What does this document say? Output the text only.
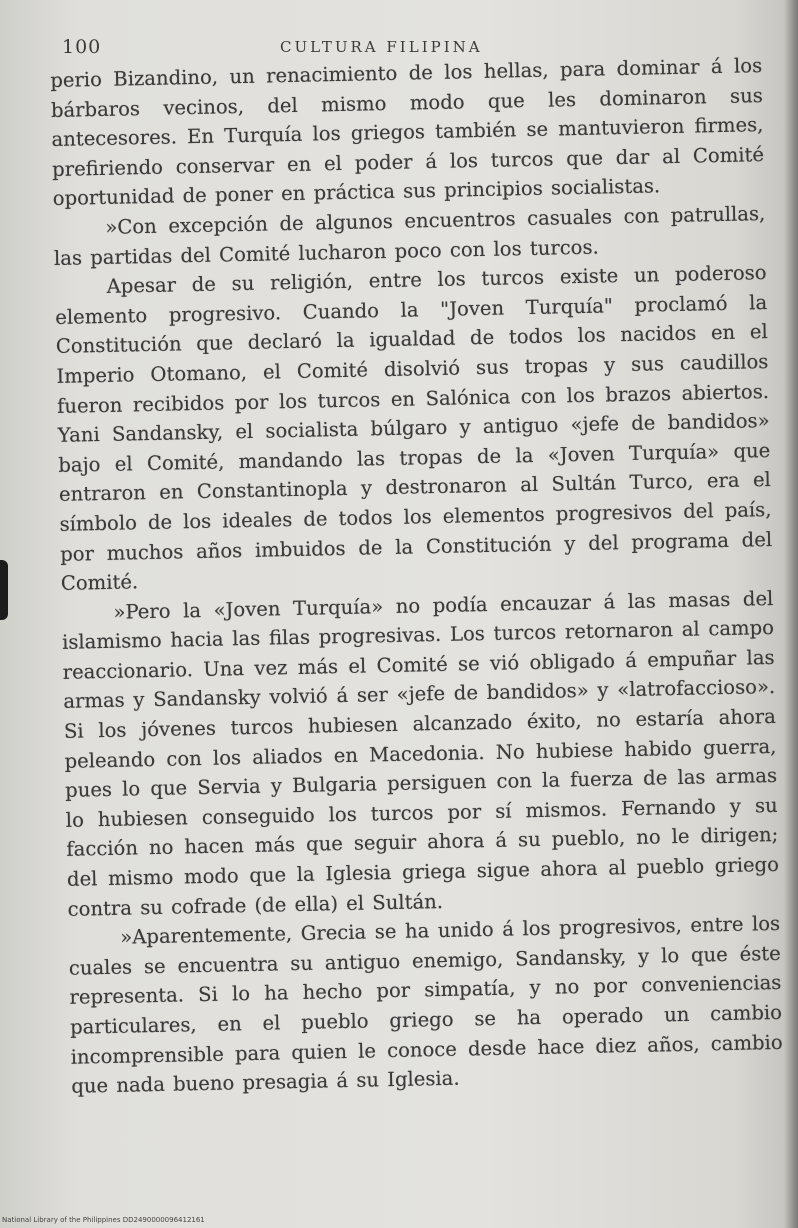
100	CULTURA FILIPINA

perio Bizandino, un renacimiento de los hellas, para dominar á los bárbaros vecinos, del mismo modo que les dominaron sus antecesores. En Turquía los griegos también se mantuvieron firmes, prefiriendo conservar en el poder á los turcos que dar al Comité oportunidad de poner en práctica sus principios socialistas.

»Con excepción de algunos encuentros casuales con patrullas, las partidas del Comité lucharon poco con los turcos.

Apesar de su religión, entre los turcos existe un poderoso elemento progresivo. Cuando la "Joven Turquía" proclamó la Constitución que declaró la igualdad de todos los nacidos en el Imperio Otomano, el Comité disolvió sus tropas y sus caudillos fueron recibidos por los turcos en Salónica con los brazos abiertos. Yani Sandansky, el socialista búlgaro y antiguo «jefe de bandidos» bajo el Comité, mandando las tropas de la «Joven Turquía» que entraron en Constantinopla y destronaron al Sultán Turco, era el símbolo de los ideales de todos los elementos progresivos del país, por muchos años imbuidos de la Constitución y del programa del Comité.

»Pero la «Joven Turquía» no podía encauzar á las masas del islamismo hacia las filas progresivas. Los turcos retornaron al campo reaccionario. Una vez más el Comité se vió obligado á empuñar las armas y Sandansky volvió á ser «jefe de bandidos» y «latrofaccioso». Si los jóvenes turcos hubiesen alcanzado éxito, no estaría ahora peleando con los aliados en Macedonia. No hubiese habido guerra, pues lo que Servia y Bulgaria persiguen con la fuerza de las armas lo hubiesen conseguido los turcos por sí mismos. Fernando y su facción no hacen más que seguir ahora á su pueblo, no le dirigen; del mismo modo que la Iglesia griega sigue ahora al pueblo griego contra su cofrade (de ella) el Sultán.

»Aparentemente, Grecia se ha unido á los progresivos, entre los cuales se encuentra su antiguo enemigo, Sandansky, y lo que éste representa. Si lo ha hecho por simpatía, y no por conveniencias particulares, en el pueblo griego se ha operado un cambio incomprensible para quien le conoce desde hace diez años, cambio que nada bueno presagia á su Iglesia.

National Library of the Philippines DD2490000096412161
